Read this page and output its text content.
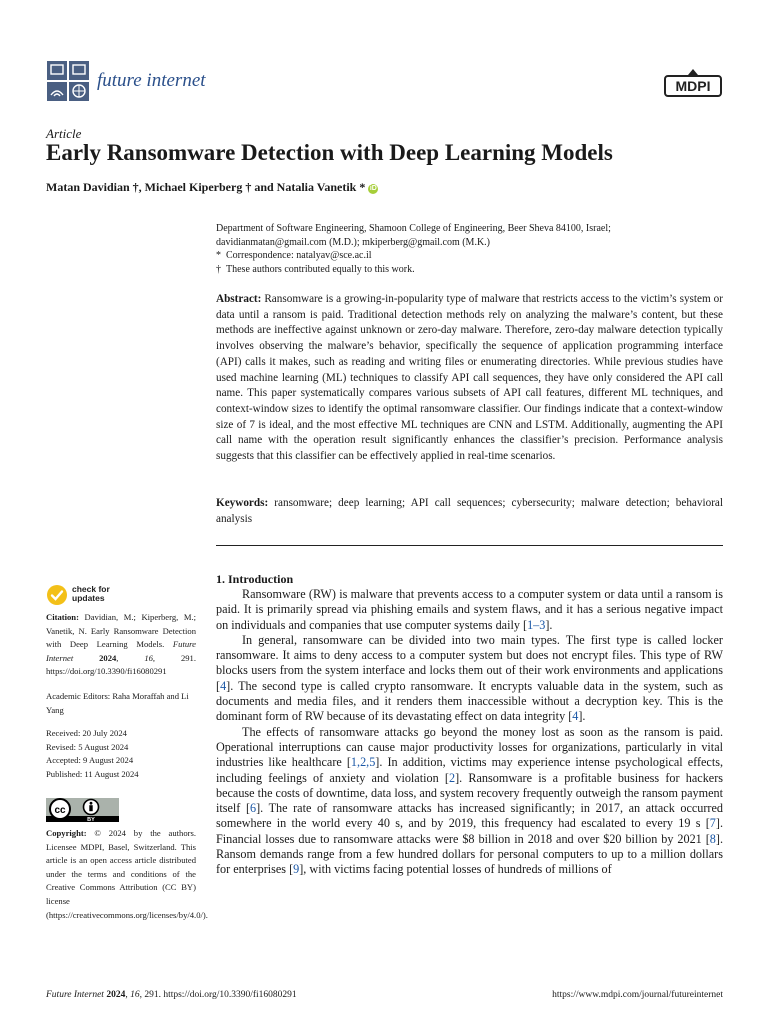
future internet	MDPI
Article
Early Ransomware Detection with Deep Learning Models
Matan Davidian †, Michael Kiperberg † and Natalia Vanetik * iD
Department of Software Engineering, Shamoon College of Engineering, Beer Sheva 84100, Israel;
davidianmatan@gmail.com (M.D.); mkiperberg@gmail.com (M.K.)
* Correspondence: natalyav@sce.ac.il
† These authors contributed equally to this work.

Abstract: Ransomware is a growing-in-popularity type of malware that restricts access to the victim’s system or data until a ransom is paid. Traditional detection methods rely on analyzing the malware’s content, but these methods are ineffective against unknown or zero-day malware. Therefore, zero-day malware detection typically involves observing the malware’s behavior, specifically the sequence of application programming interface (API) calls it makes, such as reading and writing files or enumerating directories. While previous studies have used machine learning (ML) techniques to classify API call sequences, they have only considered the API call name. This paper systematically compares various subsets of API call features, different ML techniques, and context-window sizes to identify the optimal ransomware classifier. Our findings indicate that a context-window size of 7 is ideal, and the most effective ML techniques are CNN and LSTM. Additionally, augmenting the API call name with the operation result significantly enhances the classifier’s precision. Performance analysis suggests that this classifier can be effectively applied in real-time scenarios.

Keywords: ransomware; deep learning; API call sequences; cybersecurity; malware detection; behavioral analysis

check for
updates

Citation: Davidian, M.; Kiperberg, M.; Vanetik, N. Early Ransomware Detection with Deep Learning Models. Future Internet	2024, 16, 291. https://doi.org/10.3390/fi16080291

Academic Editors: Raha Moraffah and Li Yang

Received: 20 July 2024
Revised: 5 August 2024
Accepted: 9 August 2024
Published: 11 August 2024
cc
BY

Copyright: © 2024 by the authors. Licensee MDPI, Basel, Switzerland. This article is an open access article distributed under the terms and conditions of the Creative Commons Attribution (CC BY) license (https://creativecommons.org/licenses/by/4.0/).

1. Introduction

Ransomware (RW) is malware that prevents access to a computer system or data until a ransom is paid. It is primarily spread via phishing emails and system flaws, and it has a serious negative impact on individuals and companies that use computer systems daily [1–3].

In general, ransomware can be divided into two main types. The first type is called locker ransomware. It aims to deny access to a computer system but does not encrypt files. This type of RW blocks users from the system interface and locks them out of their work environments and applications [4]. The second type is called crypto ransomware. It encrypts valuable data in the system, such as documents and media files, and it renders them inaccessible without a decryption key. This is the dominant form of RW because of its devastating effect on data integrity [4].

The effects of ransomware attacks go beyond the money lost as soon as the ransom is paid. Operational interruptions can cause major productivity losses for organizations, particularly in vital industries like healthcare [1,2,5]. In addition, victims may experience intense psychological effects, including feelings of anxiety and violation [2]. Ransomware is a profitable business for hackers because the costs of downtime, data loss, and system recovery frequently outweigh the ransom payment itself [6]. The rate of ransomware attacks has increased significantly; in 2017, an attack occurred somewhere in the world every 40 s, and by 2019, this frequency had escalated to every 19 s [7]. Financial losses due to ransomware attacks were $8 billion in 2018 and over $20 billion by 2021 [8]. Ransom demands range from a few hundred dollars for personal computers to up to a million dollars for enterprises [9], with victims facing potential losses of hundreds of millions of

Future Internet 2024, 16, 291. https://doi.org/10.3390/fi16080291	https://www.mdpi.com/journal/futureinternet
